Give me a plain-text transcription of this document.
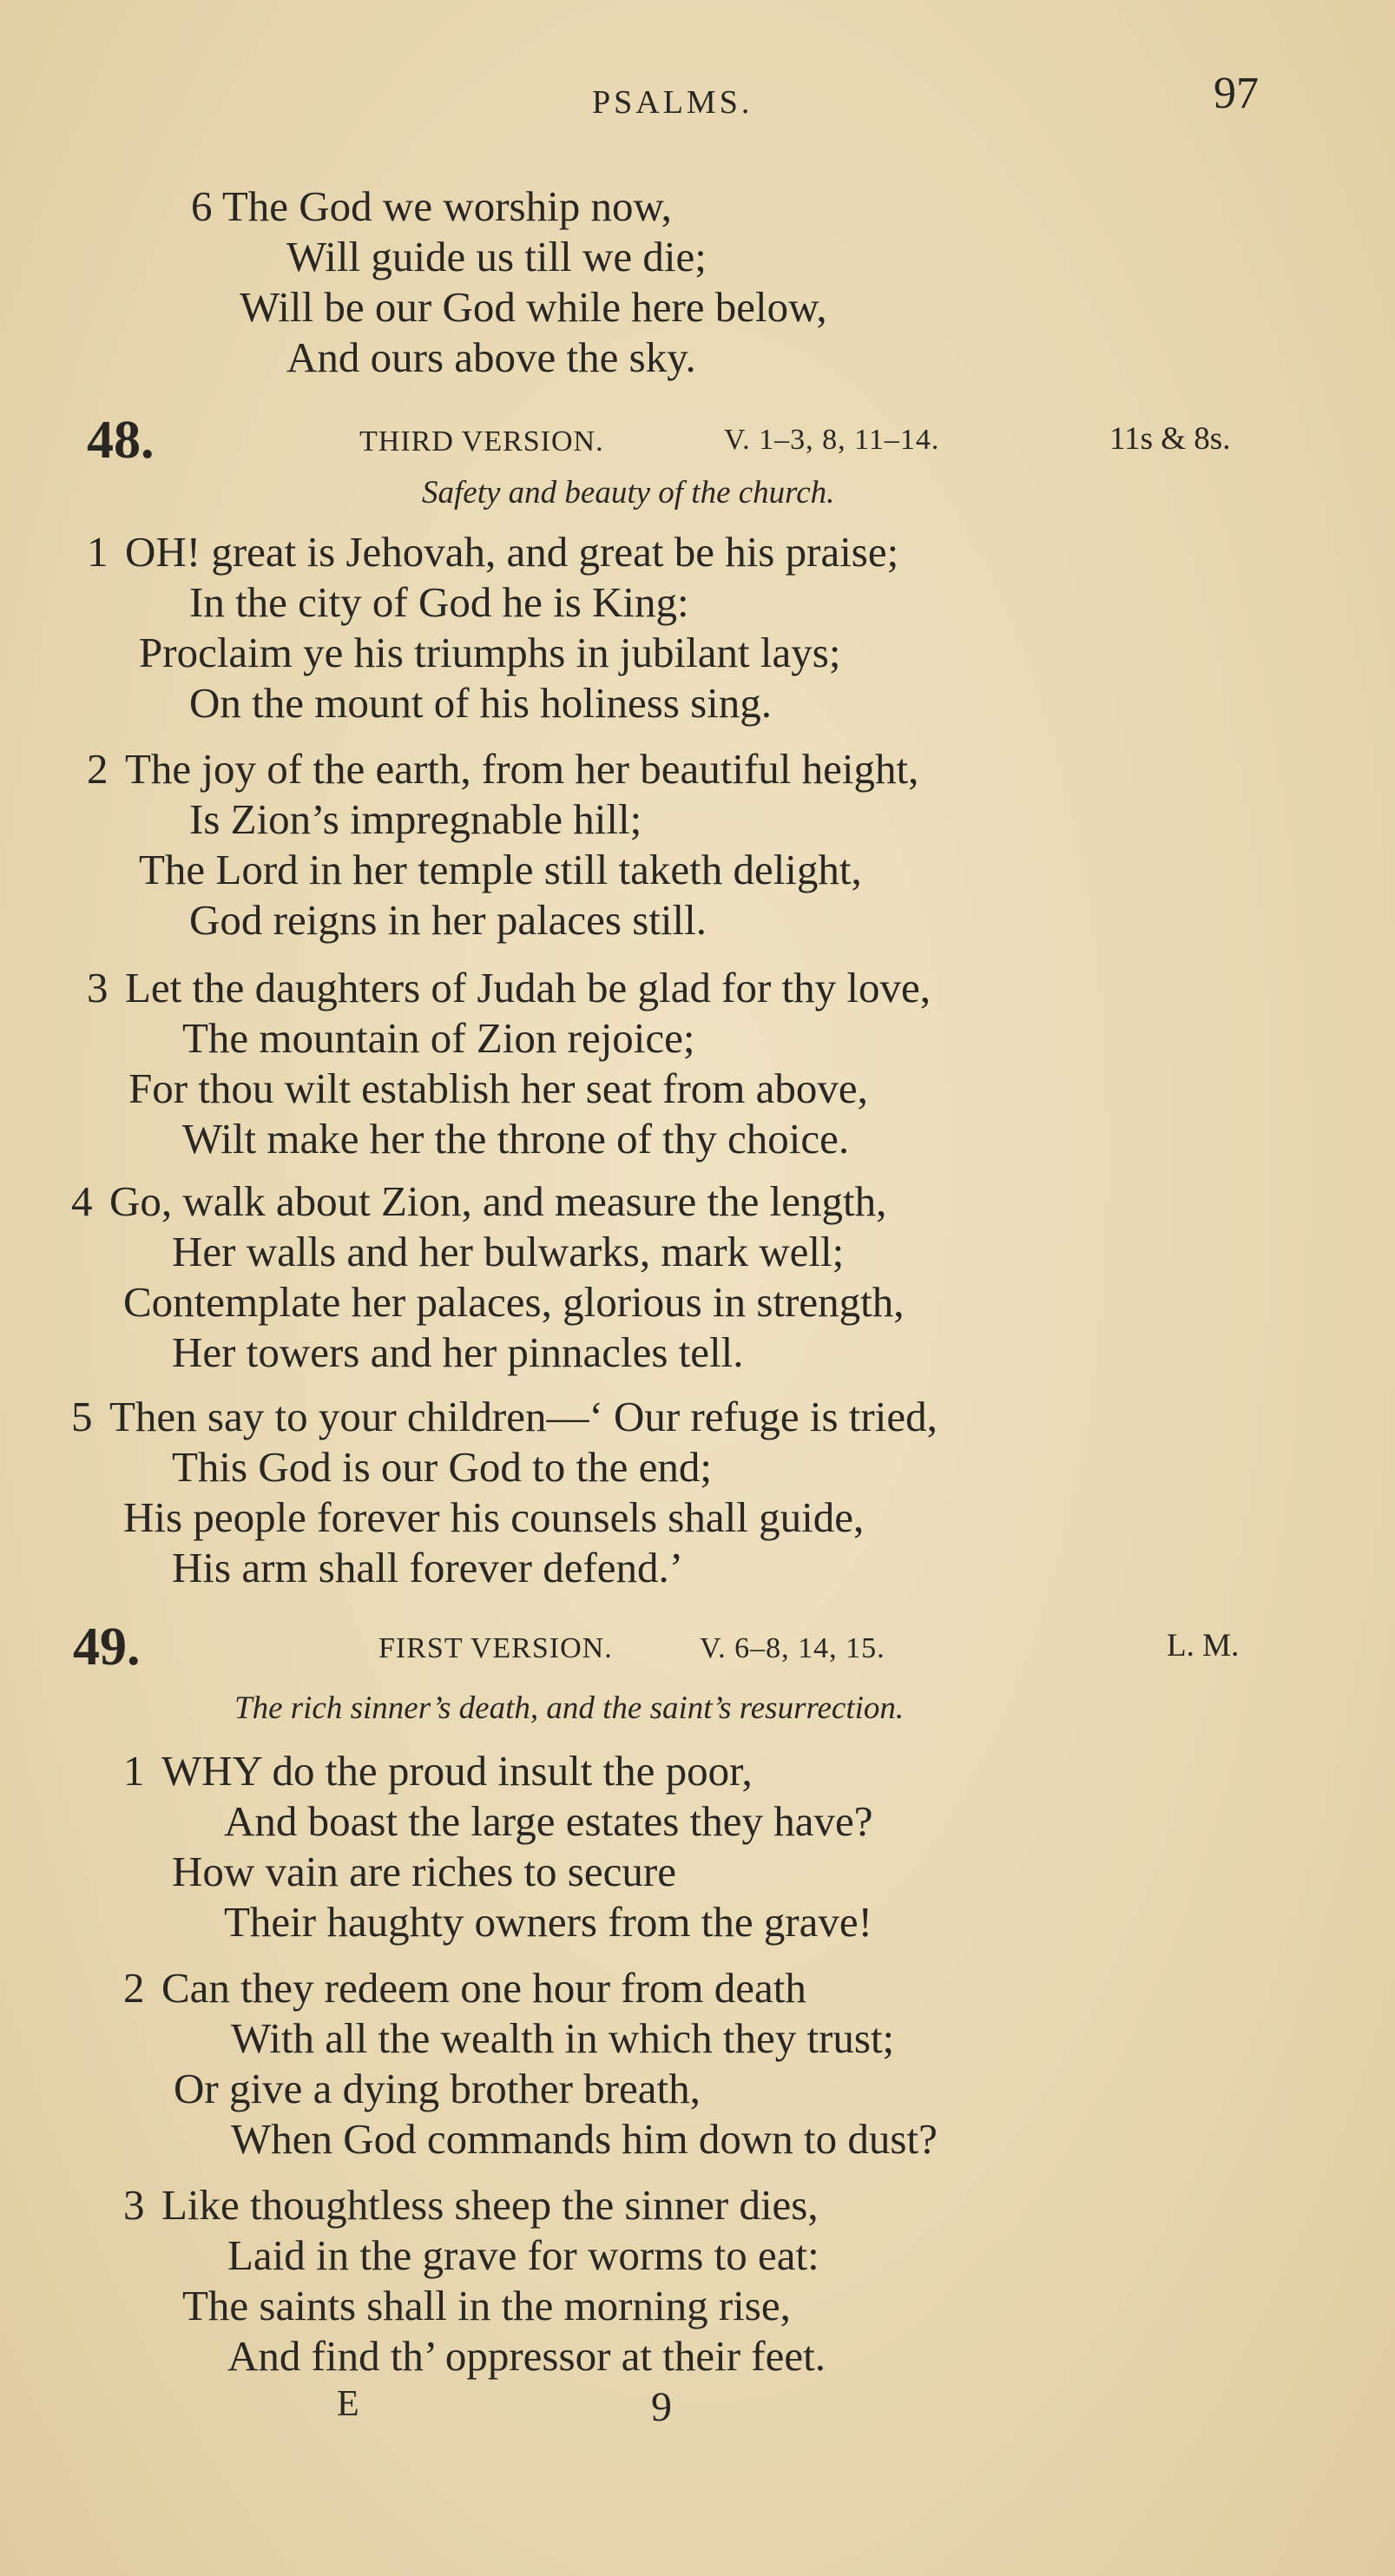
PSALMS.	97
6 The God we worship now,
Will guide us till we die;
Will be our God while here below,
And ours above the sky.
48.	THIRD VERSION.	V. 1–3, 8, 11–14.	11s & 8s.
Safety and beauty of the church.
1 OH! great is Jehovah, and great be his praise;
In the city of God he is King:
Proclaim ye his triumphs in jubilant lays;
On the mount of his holiness sing.
2 The joy of the earth, from her beautiful height,
Is Zion’s impregnable hill;
The Lord in her temple still taketh delight,
God reigns in her palaces still.
3 Let the daughters of Judah be glad for thy love,
The mountain of Zion rejoice;
For thou wilt establish her seat from above,
Wilt make her the throne of thy choice.
4 Go, walk about Zion, and measure the length,
Her walls and her bulwarks, mark well;
Contemplate her palaces, glorious in strength,
Her towers and her pinnacles tell.
5 Then say to your children—‘ Our refuge is tried,
This God is our God to the end;
His people forever his counsels shall guide,
His arm shall forever defend.’
49.	FIRST VERSION.	V. 6–8, 14, 15.	L. M.
The rich sinner’s death, and the saint’s resurrection.
1 WHY do the proud insult the poor,
And boast the large estates they have?
How vain are riches to secure
Their haughty owners from the grave!
2 Can they redeem one hour from death
With all the wealth in which they trust;
Or give a dying brother breath,
When God commands him down to dust?
3 Like thoughtless sheep the sinner dies,
Laid in the grave for worms to eat:
The saints shall in the morning rise,
And find th’ oppressor at their feet.
E	9
